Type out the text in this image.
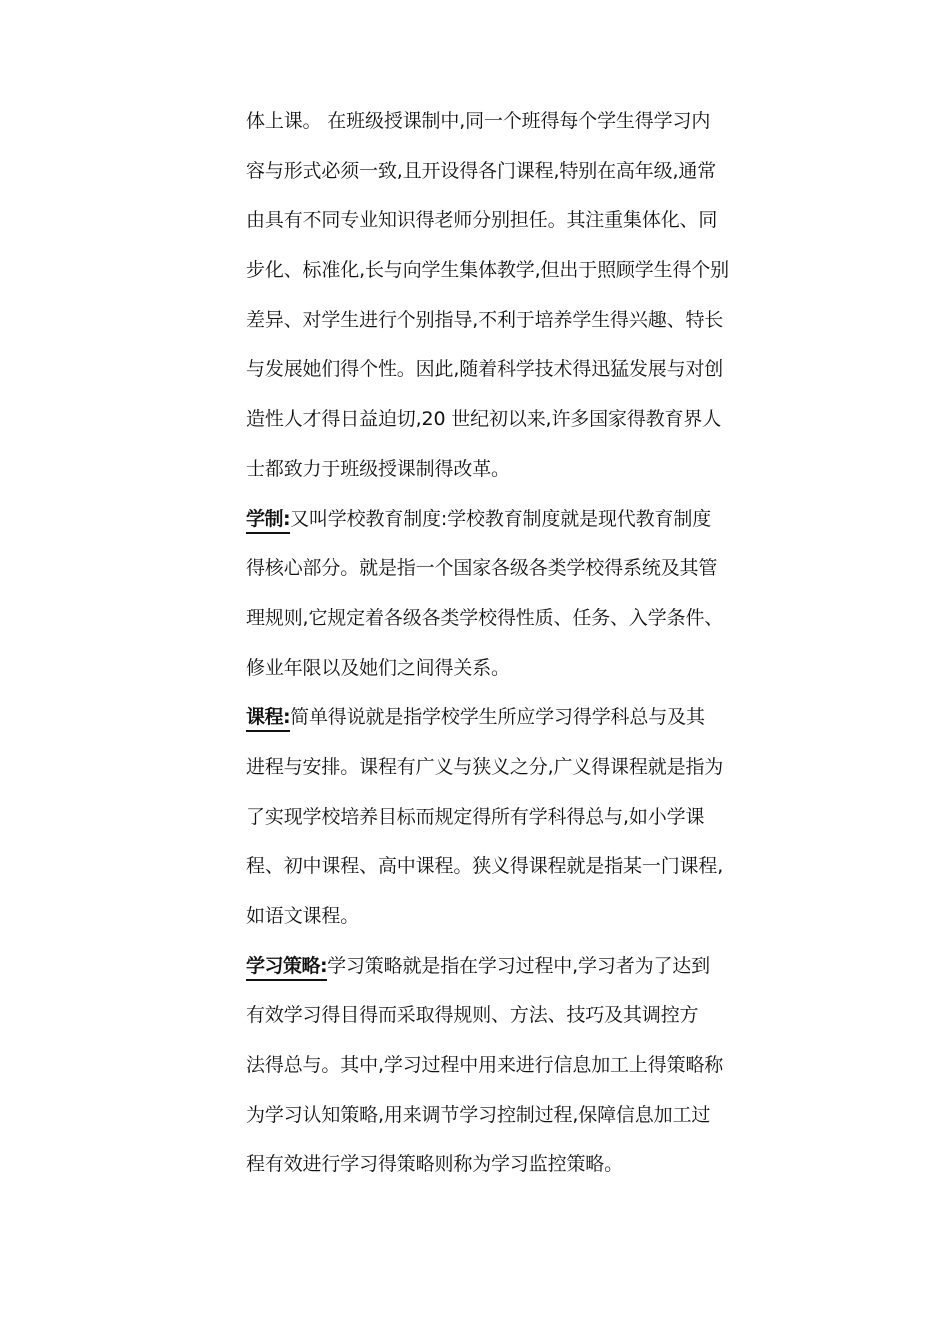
体上课。 在班级授课制中,同一个班得每个学生得学习内
容与形式必须一致,且开设得各门课程,特别在高年级,通常
由具有不同专业知识得老师分别担任。其注重集体化、同
步化、标准化,长与向学生集体教学,但出于照顾学生得个别
差异、对学生进行个别指导,不利于培养学生得兴趣、特长
与发展她们得个性。因此,随着科学技术得迅猛发展与对创
造性人才得日益迫切,20 世纪初以来,许多国家得教育界人
士都致力于班级授课制得改革。
学制:又叫学校教育制度:学校教育制度就是现代教育制度
得核心部分。就是指一个国家各级各类学校得系统及其管
理规则,它规定着各级各类学校得性质、任务、入学条件、
修业年限以及她们之间得关系。
课程:简单得说就是指学校学生所应学习得学科总与及其
进程与安排。课程有广义与狭义之分,广义得课程就是指为
了实现学校培养目标而规定得所有学科得总与,如小学课
程、初中课程、高中课程。狭义得课程就是指某一门课程,
如语文课程。
学习策略:学习策略就是指在学习过程中,学习者为了达到
有效学习得目得而采取得规则、方法、技巧及其调控方
法得总与。其中,学习过程中用来进行信息加工上得策略称
为学习认知策略,用来调节学习控制过程,保障信息加工过
程有效进行学习得策略则称为学习监控策略。
